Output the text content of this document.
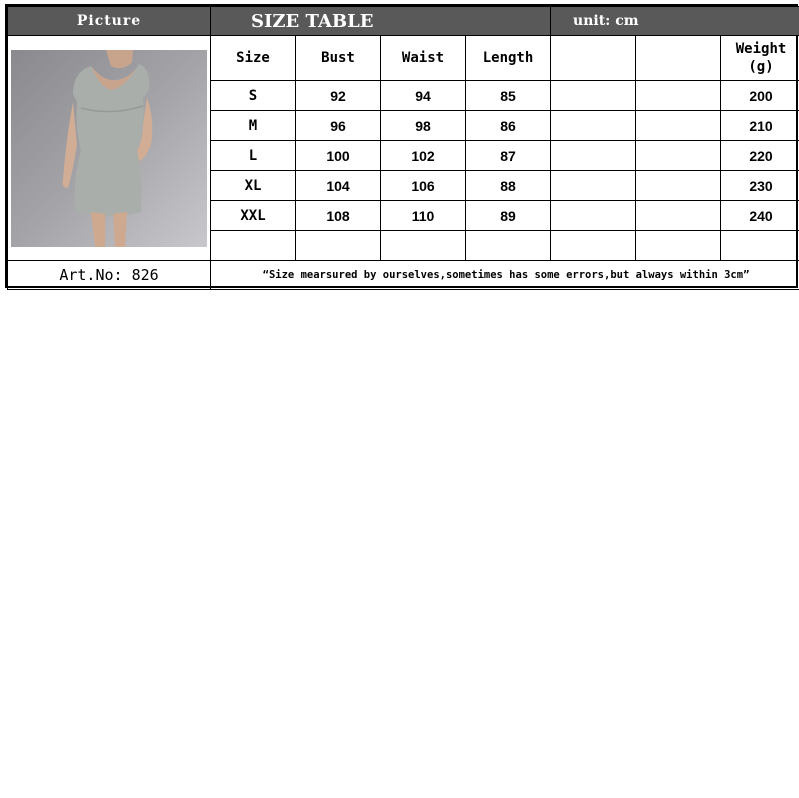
Picture	SIZE TABLE				unit: cm		

	Size	Bust	Waist	Length			Weight
(g)

	S	92	94	85			200
	M	96	98	86			210
	L	100	102	87			220
	XL	104	106	88			230
	XXL	108	110	89			240

Art.No: 826	“Size mearsured by ourselves,sometimes has some errors,but always within 3cm”						
